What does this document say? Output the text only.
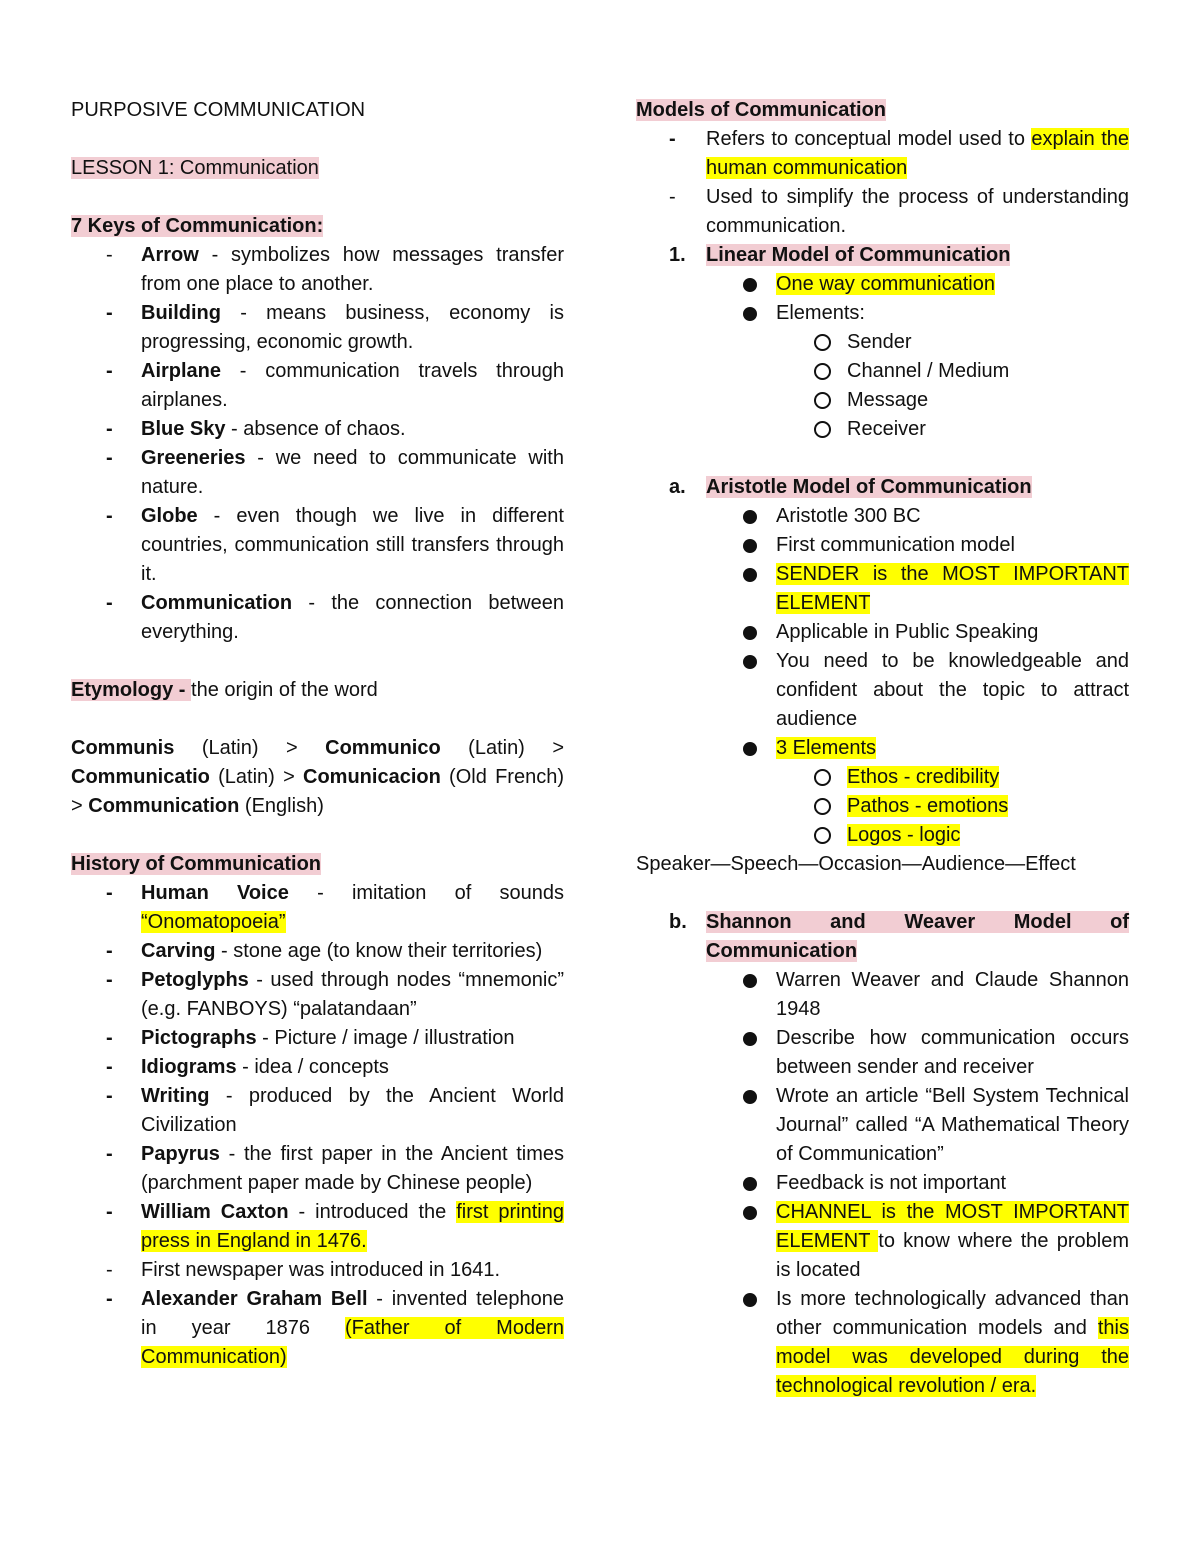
PURPOSIVE COMMUNICATION
LESSON 1: Communication
7 Keys of Communication:
- Arrow - symbolizes how messages transfer from one place to another.
- Building - means business, economy is progressing, economic growth.
- Airplane - communication travels through airplanes.
- Blue Sky - absence of chaos.
- Greeneries - we need to communicate with nature.
- Globe - even though we live in different countries, communication still transfers through it.
- Communication - the connection between everything.
Etymology - the origin of the word
Communis (Latin) > Communico (Latin) > Communicatio (Latin) > Comunicacion (Old French) > Communication (English)
History of Communication
- Human Voice - imitation of sounds “Onomatopoeia”
- Carving - stone age (to know their territories)
- Petoglyphs - used through nodes “mnemonic” (e.g. FANBOYS) “palatandaan”
- Pictographs - Picture / image / illustration
- Idiograms - idea / concepts
- Writing - produced by the Ancient World Civilization
- Papyrus - the first paper in the Ancient times (parchment paper made by Chinese people)
- William Caxton - introduced the first printing press in England in 1476.
- First newspaper was introduced in 1641.
- Alexander Graham Bell - invented telephone in year 1876 (Father of Modern Communication)
Models of Communication
- Refers to conceptual model used to explain the human communication
- Used to simplify the process of understanding communication.
1. Linear Model of Communication
One way communication
Elements:
Sender
Channel / Medium
Message
Receiver
a. Aristotle Model of Communication
Aristotle 300 BC
First communication model
SENDER is the MOST IMPORTANT ELEMENT
Applicable in Public Speaking
You need to be knowledgeable and confident about the topic to attract audience
3 Elements
Ethos - credibility
Pathos - emotions
Logos - logic
Speaker—Speech—Occasion—Audience—Effect
b. Shannon and Weaver Model of
Communication
Warren Weaver and Claude Shannon 1948
Describe how communication occurs between sender and receiver
Wrote an article “Bell System Technical Journal” called “A Mathematical Theory of Communication”
Feedback is not important
CHANNEL is the MOST IMPORTANT ELEMENT to know where the problem is located
Is more technologically advanced than other communication models and this model was developed during the technological revolution / era.
